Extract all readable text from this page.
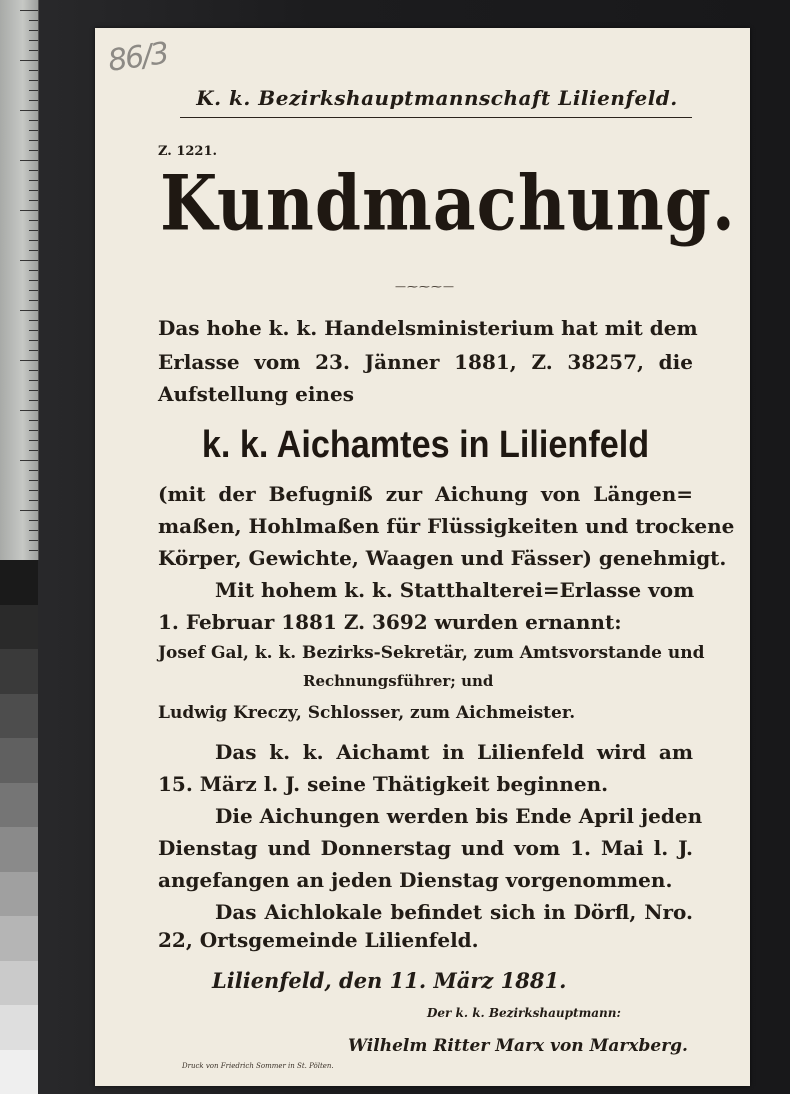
86/3
K. k. Bezirkshauptmannschaft Lilienfeld.
Z. 1221.
Kundmachung.
—⁓⁓⁓—
Das hohe k. k. Handelsministerium hat mit dem
Erlasse vom 23. Jänner 1881, Z. 38257, die
Aufstellung eines
k. k. Aichamtes in Lilienfeld
(mit der Befugniß zur Aichung von Längen=
maßen, Hohlmaßen für Flüssigkeiten und trockene
Körper, Gewichte, Waagen und Fässer) genehmigt.
Mit hohem k. k. Statthalterei=Erlasse vom
1. Februar 1881 Z. 3692 wurden ernannt:
Josef Gal, k. k. Bezirks-Sekretär, zum Amtsvorstande und
Rechnungsführer; und
Ludwig Kreczy, Schlosser, zum Aichmeister.
Das k. k. Aichamt in Lilienfeld wird am
15. März l. J. seine Thätigkeit beginnen.
Die Aichungen werden bis Ende April jeden
Dienstag und Donnerstag und vom 1. Mai l. J.
angefangen an jeden Dienstag vorgenommen.
Das Aichlokale befindet sich in Dörfl, Nro.
22, Ortsgemeinde Lilienfeld.
Lilienfeld, den 11. März 1881.
Der k. k. Bezirkshauptmann:
Wilhelm Ritter Marx von Marxberg.
Druck von Friedrich Sommer in St. Pölten.
